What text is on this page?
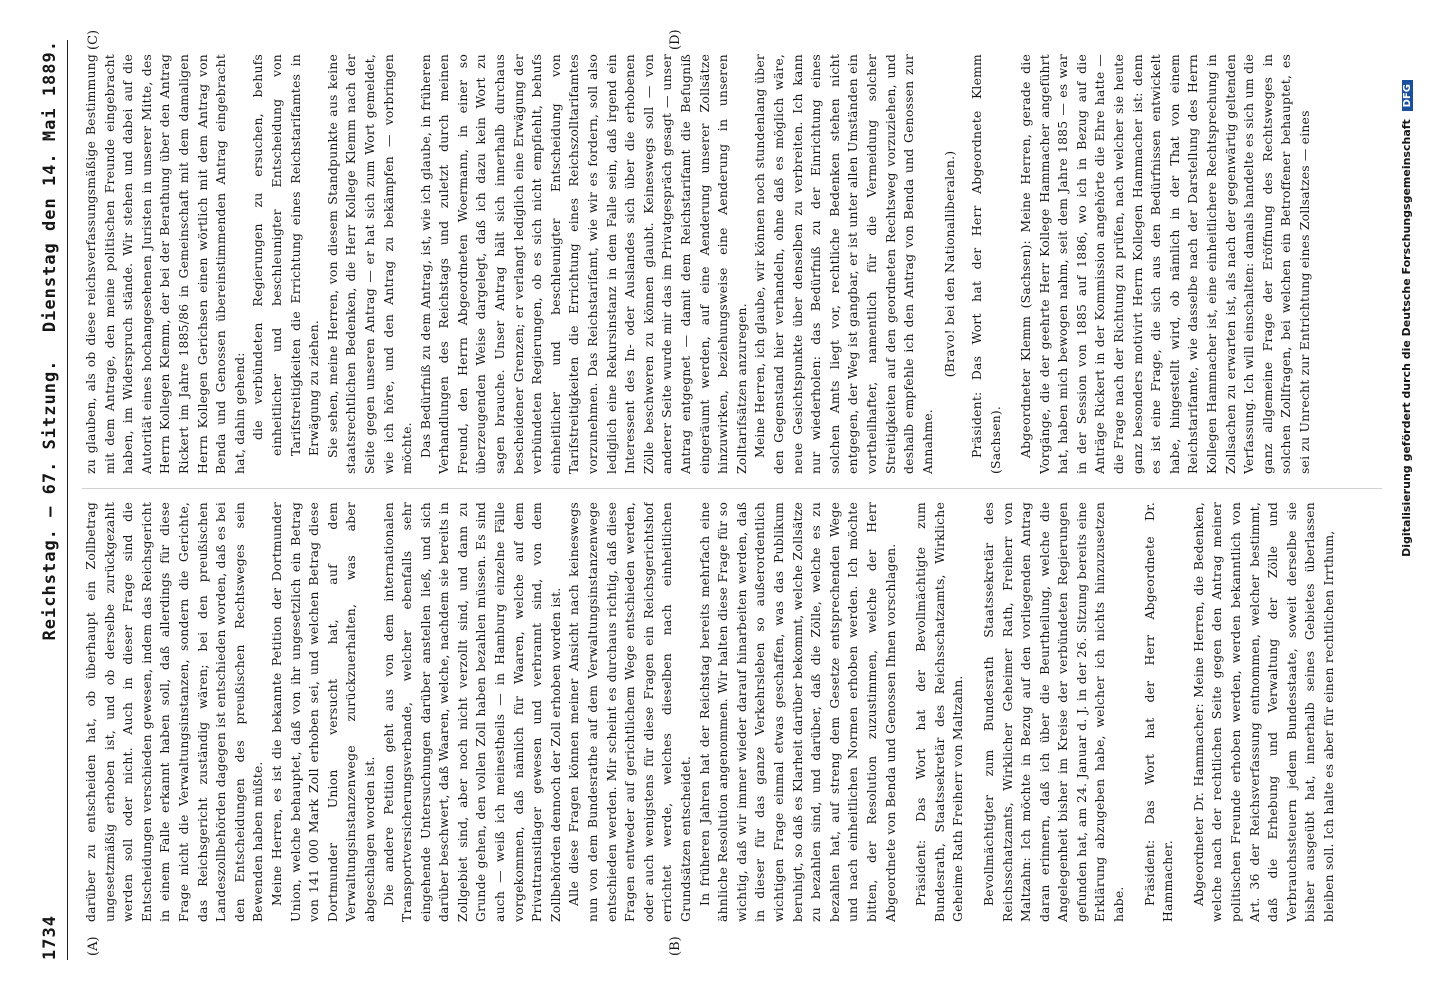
1734
Reichstag. — 67. Sitzung.
Dienstag den 14. Mai 1889.
(A)	(B)
(C)	(D)

darüber zu entscheiden hat, ob überhaupt ein Zollbetrag ungesetzmäßig erhoben ist, und ob derselbe zurückgezahlt werden soll oder nicht. Auch in dieser Frage sind die Entscheidungen verschieden gewesen, indem das Reichsgericht in einem Falle erkannt haben soll, daß allerdings für diese Frage nicht die Verwaltungsinstanzen, sondern die Gerichte, das Reichsgericht zuständig wären; bei den preußischen Landeszollbehörden dagegen ist entschieden worden, daß es bei den Entscheidungen des preußischen Rechtsweges sein Bewenden haben müßte. Meine Herren, es ist die bekannte Petition der Dortmunder Union, welche behauptet, daß von ihr ungesetzlich ein Betrag von 141 000 Mark Zoll erhoben sei, und welchen Betrag diese Dortmunder Union versucht hat, auf dem Verwaltungsinstanzenwege zurückzuerhalten, was aber abgeschlagen worden ist. Die andere Petition geht aus von dem internationalen Transportversicherungsverbande, welcher ebenfalls sehr eingehende Untersuchungen darüber anstellen ließ, und sich darüber beschwert, daß Waaren, welche, nachdem sie bereits in Zollgebiet sind, aber noch nicht verzollt sind, und dann zu Grunde gehen, den vollen Zoll haben bezahlen müssen. Es sind auch — weiß ich meinestheils — in Hamburg einzelne Fälle vorgekommen, daß nämlich für Waaren, welche auf dem Privattransitlager gewesen und verbrannt sind, von dem Zollbehörden dennoch der Zoll erhoben worden ist. Alle diese Fragen können meiner Ansicht nach keineswegs nun von dem Bundesrathe auf dem Verwaltungsinstanzenwege entschieden werden. Mir scheint es durchaus richtig, daß diese Fragen entweder auf gerichtlichem Wege entschieden werden, oder auch wenigstens für diese Fragen ein Reichsgerichtshof errichtet werde, welches dieselben nach einheitlichen Grundsätzen entscheidet. In früheren Jahren hat der Reichstag bereits mehrfach eine ähnliche Resolution angenommen. Wir halten diese Frage für so wichtig, daß wir immer wieder darauf hinarbeiten werden, daß in dieser für das ganze Verkehrsleben so außerordentlich wichtigen Frage einmal etwas geschaffen, was das Publikum beruhigt, so daß es Klarheit darüber bekommt, welche Zollsätze zu bezahlen sind, und darüber, daß die Zölle, welche es zu bezahlen hat, auf streng dem Gesetze entsprechenden Wege und nach einheitlichen Normen erhoben werden. Ich möchte bitten, der Resolution zuzustimmen, welche der Herr Abgeordnete von Benda und Genossen Ihnen vorschlagen. Präsident: Das Wort hat der Bevollmächtigte zum Bundesrath, Staatssekretär des Reichsschatzamts, Wirkliche Geheime Rath Freiherr von Maltzahn. Bevollmächtigter zum Bundesrath Staatssekretär des Reichsschatzamts, Wirklicher Geheimer Rath, Freiherr von Maltzahn: Ich möchte in Bezug auf den vorliegenden Antrag daran erinnern, daß ich über die Beurtheilung, welche die Angelegenheit bisher im Kreise der verbündeten Regierungen gefunden hat, am 24. Januar d. J. in der 26. Sitzung bereits eine Erklärung abzugeben habe, welcher ich nichts hinzuzusetzen habe. Präsident: Das Wort hat der Herr Abgeordnete Dr. Hammacher. Abgeordneter Dr. Hammacher: Meine Herren, die Bedenken, welche nach der rechtlichen Seite gegen den Antrag meiner politischen Freunde erhoben werden, werden bekanntlich von Art. 36 der Reichsverfassung entnommen, welcher bestimmt, daß die Erhebung und Verwaltung der Zölle und Verbrauchssteuern jedem Bundesstaate, soweit derselbe sie bisher ausgeübt hat, innerhalb seines Gebietes überlassen bleiben soll. Ich halte es aber für einen rechtlichen Irrthum,

zu glauben, als ob diese reichsverfassungsmäßige Bestimmung mit dem Antrage, den meine politischen Freunde eingebracht haben, im Widerspruch stände. Wir stehen und dabei auf die Autorität eines hochangesehenen Juristen in unserer Mitte, des Herrn Kollegen Klemm, der bei der Berathung über den Antrag Rickert im Jahre 1885/86 in Gemeinschaft mit dem damaligen Herrn Kollegen Gerichsen einen wörtlich mit dem Antrag von Benda und Genossen übereinstimmenden Antrag eingebracht hat, dahin gehend: die verbündeten Regierungen zu ersuchen, behufs einheitlicher und beschleunigter Entscheidung von Tarifstreitigkeiten die Errichtung eines Reichstarifamtes in Erwägung zu ziehen. Sie sehen, meine Herren, von diesem Standpunkte aus keine staatsrechtlichen Bedenken, die Herr Kollege Klemm nach der Seite gegen unseren Antrag — er hat sich zum Wort gemeldet, wie ich höre, und den Antrag zu bekämpfen — vorbringen möchte. Das Bedürfniß zu dem Antrag, ist, wie ich glaube, in früheren Verhandlungen des Reichstags und zuletzt durch meinen Freund, den Herrn Abgeordneten Woermann, in einer so überzeugenden Weise dargelegt, daß ich dazu kein Wort zu sagen brauche. Unser Antrag hält sich innerhalb durchaus bescheidener Grenzen; er verlangt lediglich eine Erwägung der verbündeten Regierungen, ob es sich nicht empfiehlt, behufs einheitlicher und beschleunigter Entscheidung von Tarifstreitigkeiten die Errichtung eines Reichszolltarifamtes vorzunehmen. Das Reichstarifamt, wie wir es fordern, soll also lediglich eine Rekursinstanz in dem Falle sein, daß irgend ein Interessent des In- oder Auslandes sich über die erhobenen Zölle beschweren zu können glaubt. Keineswegs soll — von anderer Seite wurde mir das im Privatgespräch gesagt — unser Antrag entgegnet — damit dem Reichstarifamt die Befugniß eingeräumt werden, auf eine Aenderung unserer Zollsätze hinzuwirken, beziehungsweise eine Aenderung in unseren Zolltarifsätzen anzuregen. Meine Herren, ich glaube, wir können noch stundenlang über den Gegenstand hier verhandeln, ohne daß es möglich wäre, neue Gesichtspunkte über denselben zu verbreiten. Ich kann nur wiederholen: das Bedürfniß zu der Einrichtung eines solchen Amts liegt vor, rechtliche Bedenken stehen nicht entgegen, der Weg ist gangbar, er ist unter allen Umständen ein vortheilhafter, namentlich für die Vermeidung solcher Streitigkeiten auf den geordneten Rechtsweg vorzuziehen, und deshalb empfehle ich den Antrag von Benda und Genossen zur Annahme.

(Bravo! bei den Nationalliberalen.) Präsident: Das Wort hat der Herr Abgeordnete Klemm (Sachsen). Abgeordneter Klemm (Sachsen): Meine Herren, gerade die Vorgänge, die der geehrte Herr Kollege Hammacher angeführt hat, haben mich bewogen nahm, seit dem Jahre 1885 — es war in der Session von 1885 auf 1886, wo ich in Bezug auf die Anträge Rickert in der Kommission angehörte die Ehre hatte — die Frage nach der Richtung zu prüfen, nach welcher sie heute ganz besonders motivirt Herrn Kollegen Hammacher ist: denn es ist eine Frage, die sich aus den Bedürfnissen entwickelt habe, hingestellt wird, ob nämlich in der That von einem Reichstarifamte, wie dasselbe nach der Darstellung des Herrn Kollegen Hammacher ist, eine einheitlichere Rechtsprechung in Zollsachen zu erwarten ist, als nach der gegenwärtig geltenden Verfassung. Ich will einschalten: damals handelte es sich um die ganz allgemeine Frage der Eröffnung des Rechtsweges in solchen Zollfragen, bei welchen ein Betroffener behauptet, es sei zu Unrecht zur Entrichtung eines Zollsatzes — eines	Digitalisierung gefördert durch die Deutsche Forschungsgemeinschaft DFG
